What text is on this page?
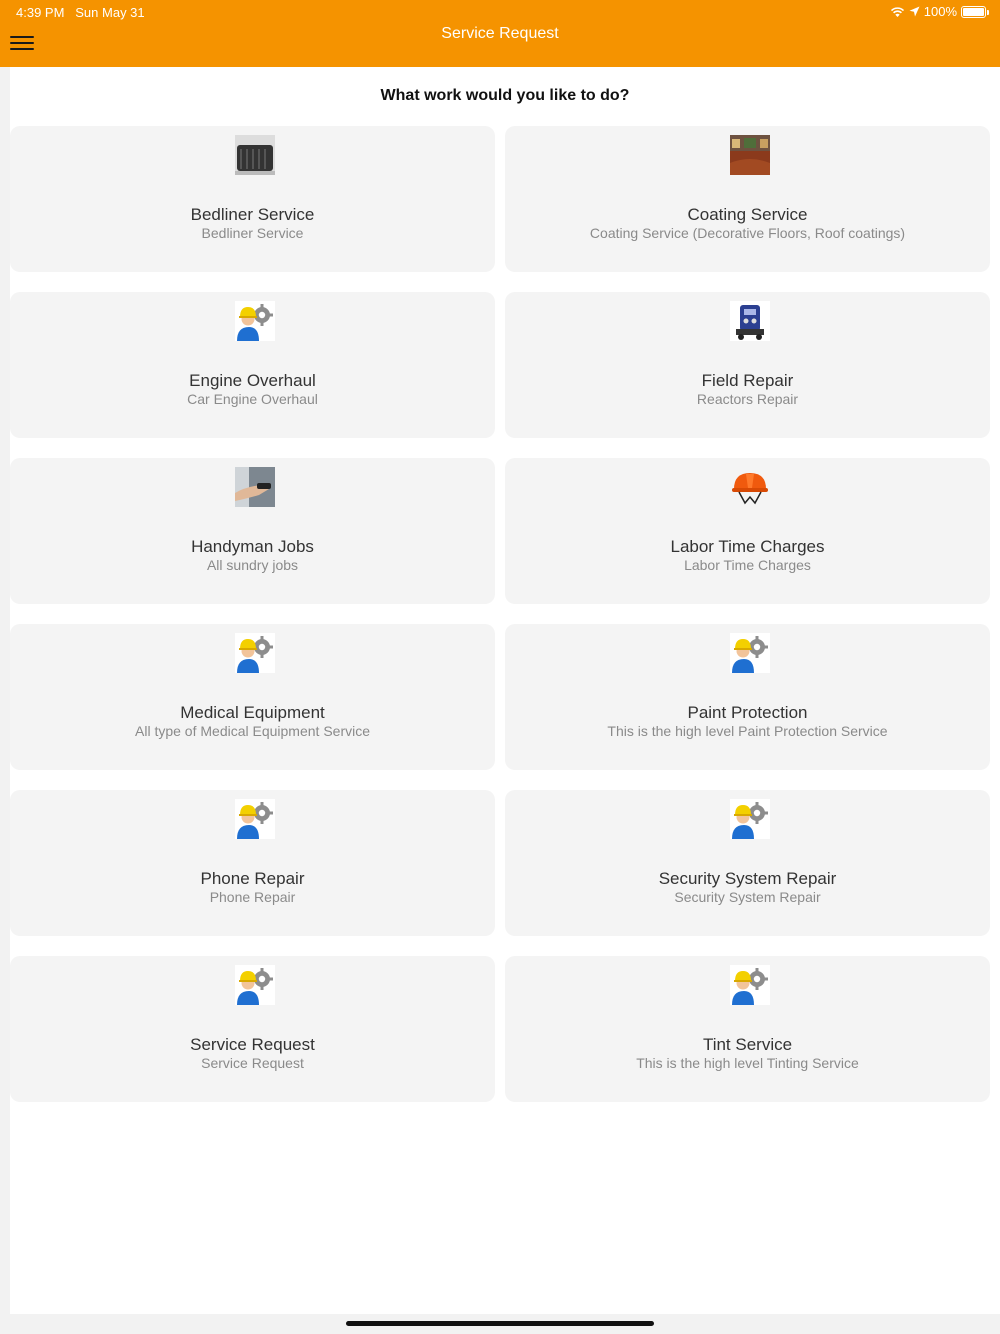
4:39 PM Sun May 31	100%
Service Request
What work would you like to do?
Bedliner Service
Bedliner Service
Coating Service
Coating Service (Decorative Floors, Roof coatings)
Engine Overhaul
Car Engine Overhaul
Field Repair
Reactors Repair
Handyman Jobs
All sundry jobs
Labor Time Charges
Labor Time Charges
Medical Equipment
All type of Medical Equipment Service
Paint Protection
This is the high level Paint Protection Service
Phone Repair
Phone Repair
Security System Repair
Security System Repair
Service Request
Service Request
Tint Service
This is the high level Tinting Service
